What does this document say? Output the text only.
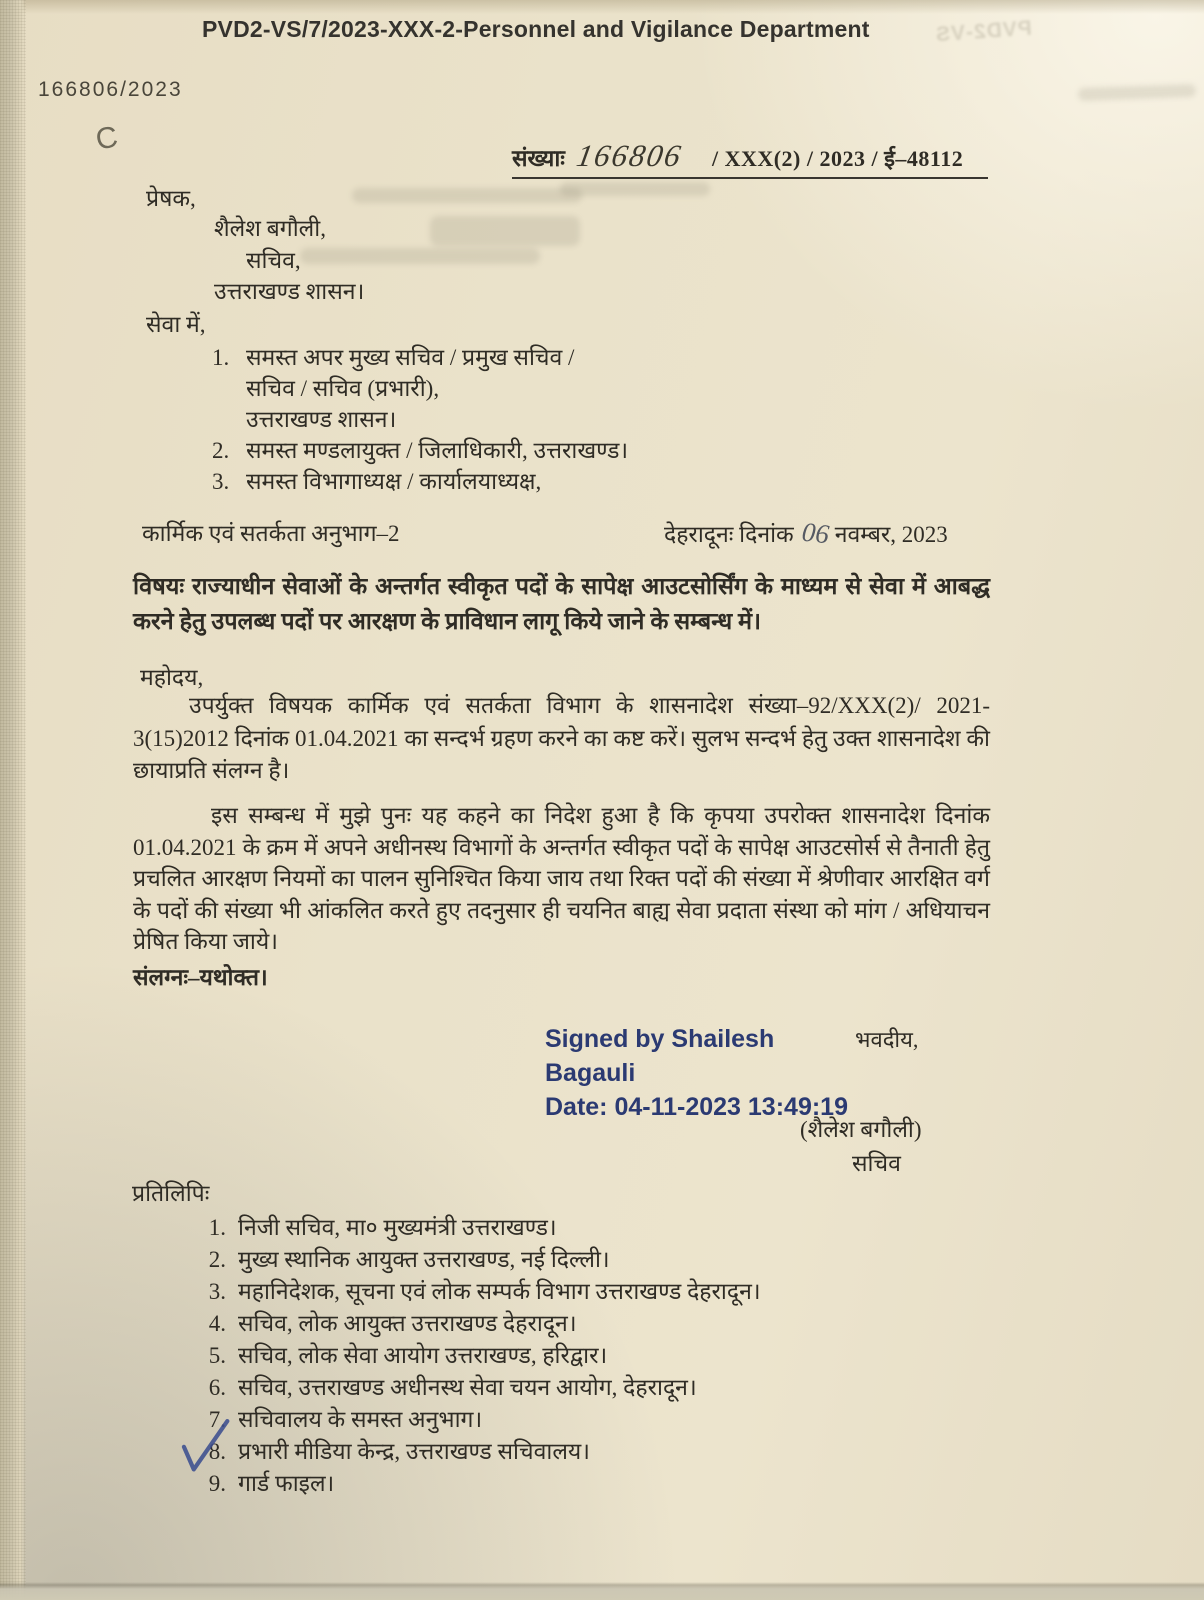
PVD2-VS
PVD2-VS/7/2023-XXX-2-Personnel and Vigilance Department
166806/2023
C
संख्याः 166806 / XXX(2) / 2023 / ई–48112
प्रेषक,
शैलेश बगौली,
सचिव,
उत्तराखण्ड शासन।
सेवा में,
1. समस्त अपर मुख्य सचिव / प्रमुख सचिव /
सचिव / सचिव (प्रभारी),
उत्तराखण्ड शासन।
2. समस्त मण्डलायुक्त / जिलाधिकारी, उत्तराखण्ड।
3. समस्त विभागाध्यक्ष / कार्यालयाध्यक्ष,
कार्मिक एवं सतर्कता अनुभाग–2	देहरादूनः दिनांक 06 नवम्बर, 2023
विषयः राज्याधीन सेवाओं के अन्तर्गत स्वीकृत पदों के सापेक्ष आउटसोर्सिंग के माध्यम से सेवा में आबद्ध करने हेतु उपलब्ध पदों पर आरक्षण के प्राविधान लागू किये जाने के सम्बन्ध में।
महोदय,
उपर्युक्त विषयक कार्मिक एवं सतर्कता विभाग के शासनादेश संख्या–92/XXX(2)/ 2021-3(15)2012 दिनांक 01.04.2021 का सन्दर्भ ग्रहण करने का कष्ट करें। सुलभ सन्दर्भ हेतु उक्त शासनादेश की छायाप्रति संलग्न है।
इस सम्बन्ध में मुझे पुनः यह कहने का निदेश हुआ है कि कृपया उपरोक्त शासनादेश दिनांक 01.04.2021 के क्रम में अपने अधीनस्थ विभागों के अन्तर्गत स्वीकृत पदों के सापेक्ष आउटसोर्स से तैनाती हेतु प्रचलित आरक्षण नियमों का पालन सुनिश्चित किया जाय तथा रिक्त पदों की संख्या में श्रेणीवार आरक्षित वर्ग के पदों की संख्या भी आंकलित करते हुए तदनुसार ही चयनित बाह्य सेवा प्रदाता संस्था को मांग / अधियाचन प्रेषित किया जाये।
संलग्नः–यथोक्त।
Signed by Shailesh
Bagauli
Date: 04-11-2023 13:49:19
भवदीय,
(शैलेश बगौली)
सचिव
प्रतिलिपिः
1. निजी सचिव, मा० मुख्यमंत्री उत्तराखण्ड।
2. मुख्य स्थानिक आयुक्त उत्तराखण्ड, नई दिल्ली।
3. महानिदेशक, सूचना एवं लोक सम्पर्क विभाग उत्तराखण्ड देहरादून।
4. सचिव, लोक आयुक्त उत्तराखण्ड देहरादून।
5. सचिव, लोक सेवा आयोग उत्तराखण्ड, हरिद्वार।
6. सचिव, उत्तराखण्ड अधीनस्थ सेवा चयन आयोग, देहरादून।
7. सचिवालय के समस्त अनुभाग।
8. प्रभारी मीडिया केन्द्र, उत्तराखण्ड सचिवालय।
9. गार्ड फाइल।
